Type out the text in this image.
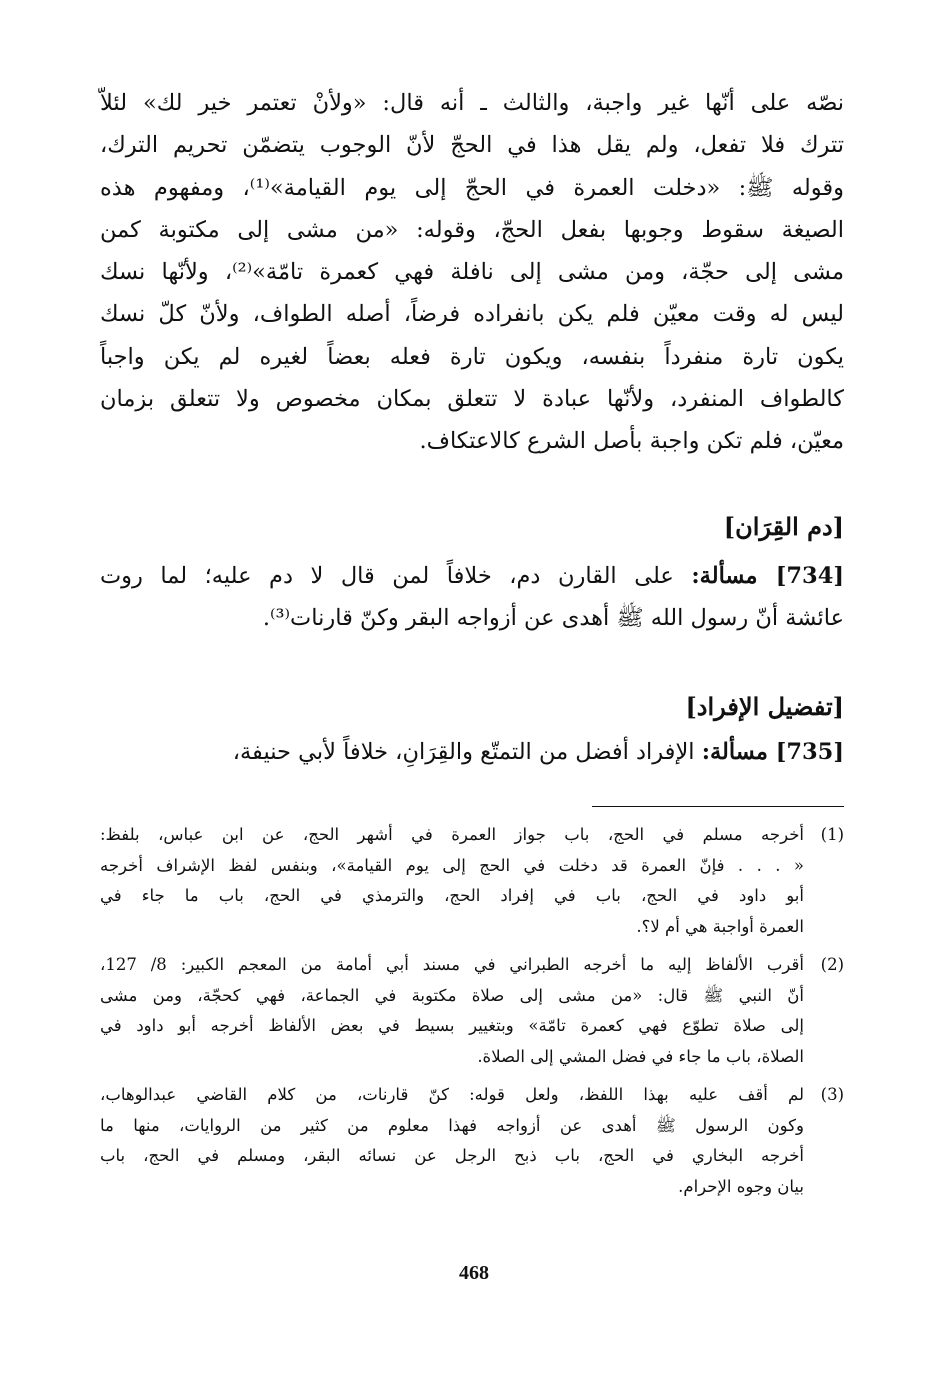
نصّه على أنّها غير واجبة، والثالث ـ أنه قال: «ولأنْ تعتمر خير لك» لئلاّ
تترك فلا تفعل، ولم يقل هذا في الحجّ لأنّ الوجوب يتضمّن تحريم الترك،
وقوله ﷺ: «دخلت العمرة في الحجّ إلى يوم القيامة»⁽¹⁾، ومفهوم هذه
الصيغة سقوط وجوبها بفعل الحجّ، وقوله: «من مشى إلى مكتوبة كمن
مشى إلى حجّة، ومن مشى إلى نافلة فهي كعمرة تامّة»⁽²⁾، ولأنّها نسك
ليس له وقت معيّن فلم يكن بانفراده فرضاً، أصله الطواف، ولأنّ كلّ نسك
يكون تارة منفرداً بنفسه، ويكون تارة فعله بعضاً لغيره لم يكن واجباً
كالطواف المنفرد، ولأنّها عبادة لا تتعلق بمكان مخصوص ولا تتعلق بزمان
معيّن، فلم تكن واجبة بأصل الشرع كالاعتكاف.

[دم القِرَان]

[734] مسألة: على القارن دم، خلافاً لمن قال لا دم عليه؛ لما روت
عائشة أنّ رسول الله ﷺ أهدى عن أزواجه البقر وكنّ قارنات⁽³⁾.

[تفضيل الإفراد]

[735] مسألة: الإفراد أفضل من التمتّع والقِرَانِ، خلافاً لأبي حنيفة،

(1)
أخرجه مسلم في الحج، باب جواز العمرة في أشهر الحج، عن ابن عباس، بلفظ:
« . . . فإنّ العمرة قد دخلت في الحج إلى يوم القيامة»، وبنفس لفظ الإشراف أخرجه
أبو داود في الحج، باب في إفراد الحج، والترمذي في الحج، باب ما جاء في
العمرة أواجبة هي أم لا؟.
(2)
أقرب الألفاظ إليه ما أخرجه الطبراني في مسند أبي أمامة من المعجم الكبير: 8/ 127،
أنّ النبي ﷺ قال: «من مشى إلى صلاة مكتوبة في الجماعة، فهي كحجّة، ومن مشى
إلى صلاة تطوّع فهي كعمرة تامّة» وبتغيير بسيط في بعض الألفاظ أخرجه أبو داود في
الصلاة، باب ما جاء في فضل المشي إلى الصلاة.
(3)
لم أقف عليه بهذا اللفظ، ولعل قوله: كنّ قارنات، من كلام القاضي عبدالوهاب،
وكون الرسول ﷺ أهدى عن أزواجه فهذا معلوم من كثير من الروايات، منها ما
أخرجه البخاري في الحج، باب ذبح الرجل عن نسائه البقر، ومسلم في الحج، باب
بيان وجوه الإحرام.
468
